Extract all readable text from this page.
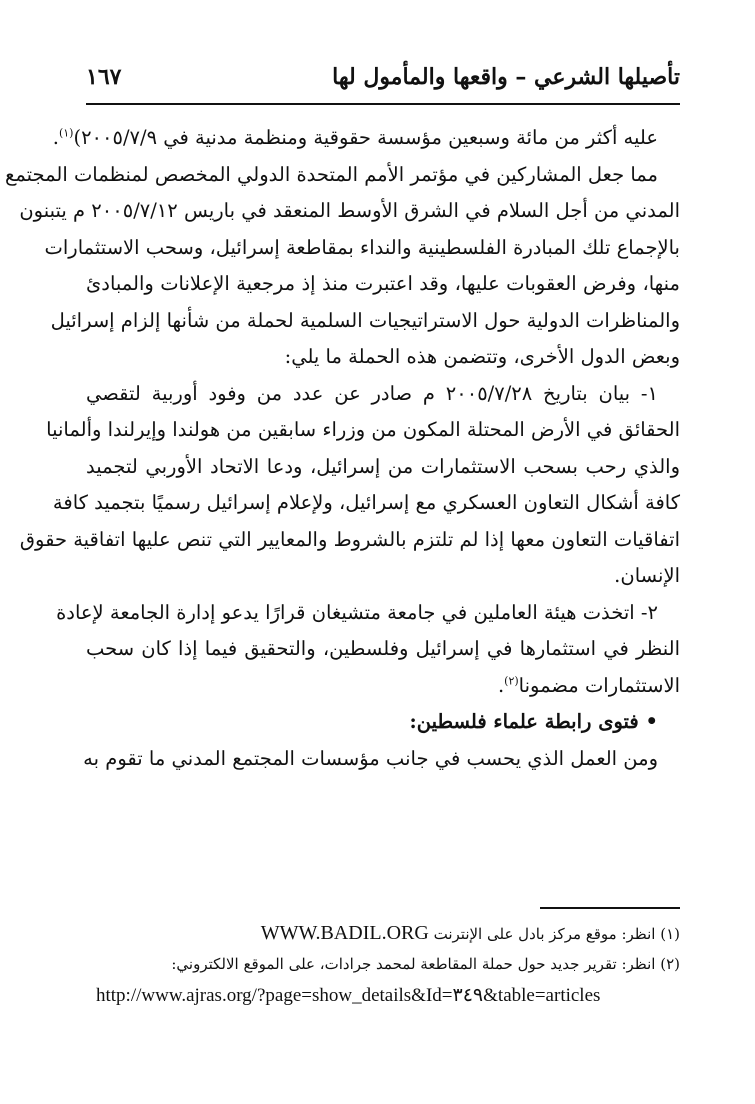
تأصيلها الشرعي – واقعها والمأمول لها
١٦٧
عليه أكثر من مائة وسبعين مؤسسة حقوقية ومنظمة مدنية في ٢٠٠٥/٧/٩)$^{(١)}$.
مما جعل المشاركين في مؤتمر الأمم المتحدة الدولي المخصص لمنظمات المجتمع
المدني من أجل السلام في الشرق الأوسط المنعقد في باريس ٢٠٠٥/٧/١٢ م يتبنون
بالإجماع تلك المبادرة الفلسطينية والنداء بمقاطعة إسرائيل، وسحب الاستثمارات
منها، وفرض العقوبات عليها، وقد اعتبرت منذ إذ مرجعية الإعلانات والمبادئ
والمناظرات الدولية حول الاستراتيجيات السلمية لحملة من شأنها إلزام إسرائيل
وبعض الدول الأخرى، وتتضمن هذه الحملة ما يلي:
١- بيان بتاريخ ٢٠٠٥/٧/٢٨ م صادر عن عدد من وفود أوربية لتقصي
الحقائق في الأرض المحتلة المكون من وزراء سابقين من هولندا وإيرلندا وألمانيا
والذي رحب بسحب الاستثمارات من إسرائيل، ودعا الاتحاد الأوربي لتجميد
كافة أشكال التعاون العسكري مع إسرائيل، ولإعلام إسرائيل رسميًا بتجميد كافة
اتفاقيات التعاون معها إذا لم تلتزم بالشروط والمعايير التي تنص عليها اتفاقية حقوق
الإنسان.
٢- اتخذت هيئة العاملين في جامعة متشيغان قرارًا يدعو إدارة الجامعة لإعادة
النظر في استثمارها في إسرائيل وفلسطين، والتحقيق فيما إذا كان سحب
الاستثمارات مضمونا$^{(٢)}$.
• فتوى رابطة علماء فلسطين:
ومن العمل الذي يحسب في جانب مؤسسات المجتمع المدني ما تقوم به
(١) انظر: موقع مركز بادل على الإنترنت WWW.BADIL.ORG
(٢) انظر: تقرير جديد حول حملة المقاطعة لمحمد جرادات، على الموقع الالكتروني:
http://www.ajras.org/?page=show_details&Id=٣٤٩&table=articles
